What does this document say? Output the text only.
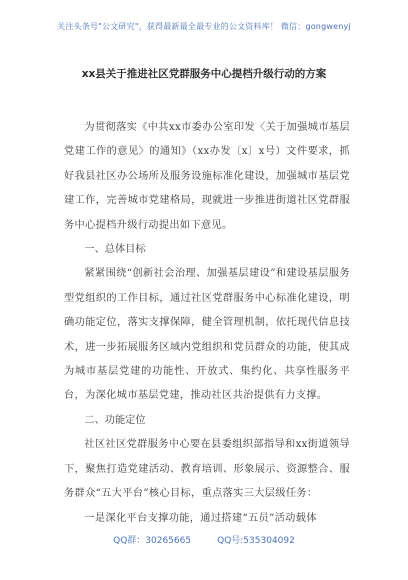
关注头条号"公文研究"，获得最新最全最专业的公文资料库！ 微信：gongwenyj
xx县关于推进社区党群服务中心提档升级行动的方案

为贯彻落实《中共xx市委办公室印发〈关于加强城市基层党建工作的意见〉的通知》（xx办发〔x〕x号）文件要求，抓好我县社区办公场所及服务设施标准化建设，加强城市基层党建工作，完善城市党建格局，现就进一步推进街道社区党群服务中心提档升级行动提出如下意见。

一、总体目标

紧紧围绕“创新社会治理、加强基层建设”和建设基层服务型党组织的工作目标，通过社区党群服务中心标准化建设，明确功能定位，落实支撑保障，健全管理机制，依托现代信息技术，进一步拓展服务区域内党组织和党员群众的功能，使其成为城市基层党建的功能性、开放式、集约化、共享性服务平台，为深化城市基层党建，推动社区共治提供有力支撑。

二、功能定位

社区社区党群服务中心要在县委组织部指导和xx街道领导下，聚焦打造党建活动、教育培训、形象展示、资源整合、服务群众“五大平台”核心目标，重点落实三大层级任务：

一是深化平台支撑功能，通过搭建“五员”活动载体

QQ群：30265665	QQ号:535304092
